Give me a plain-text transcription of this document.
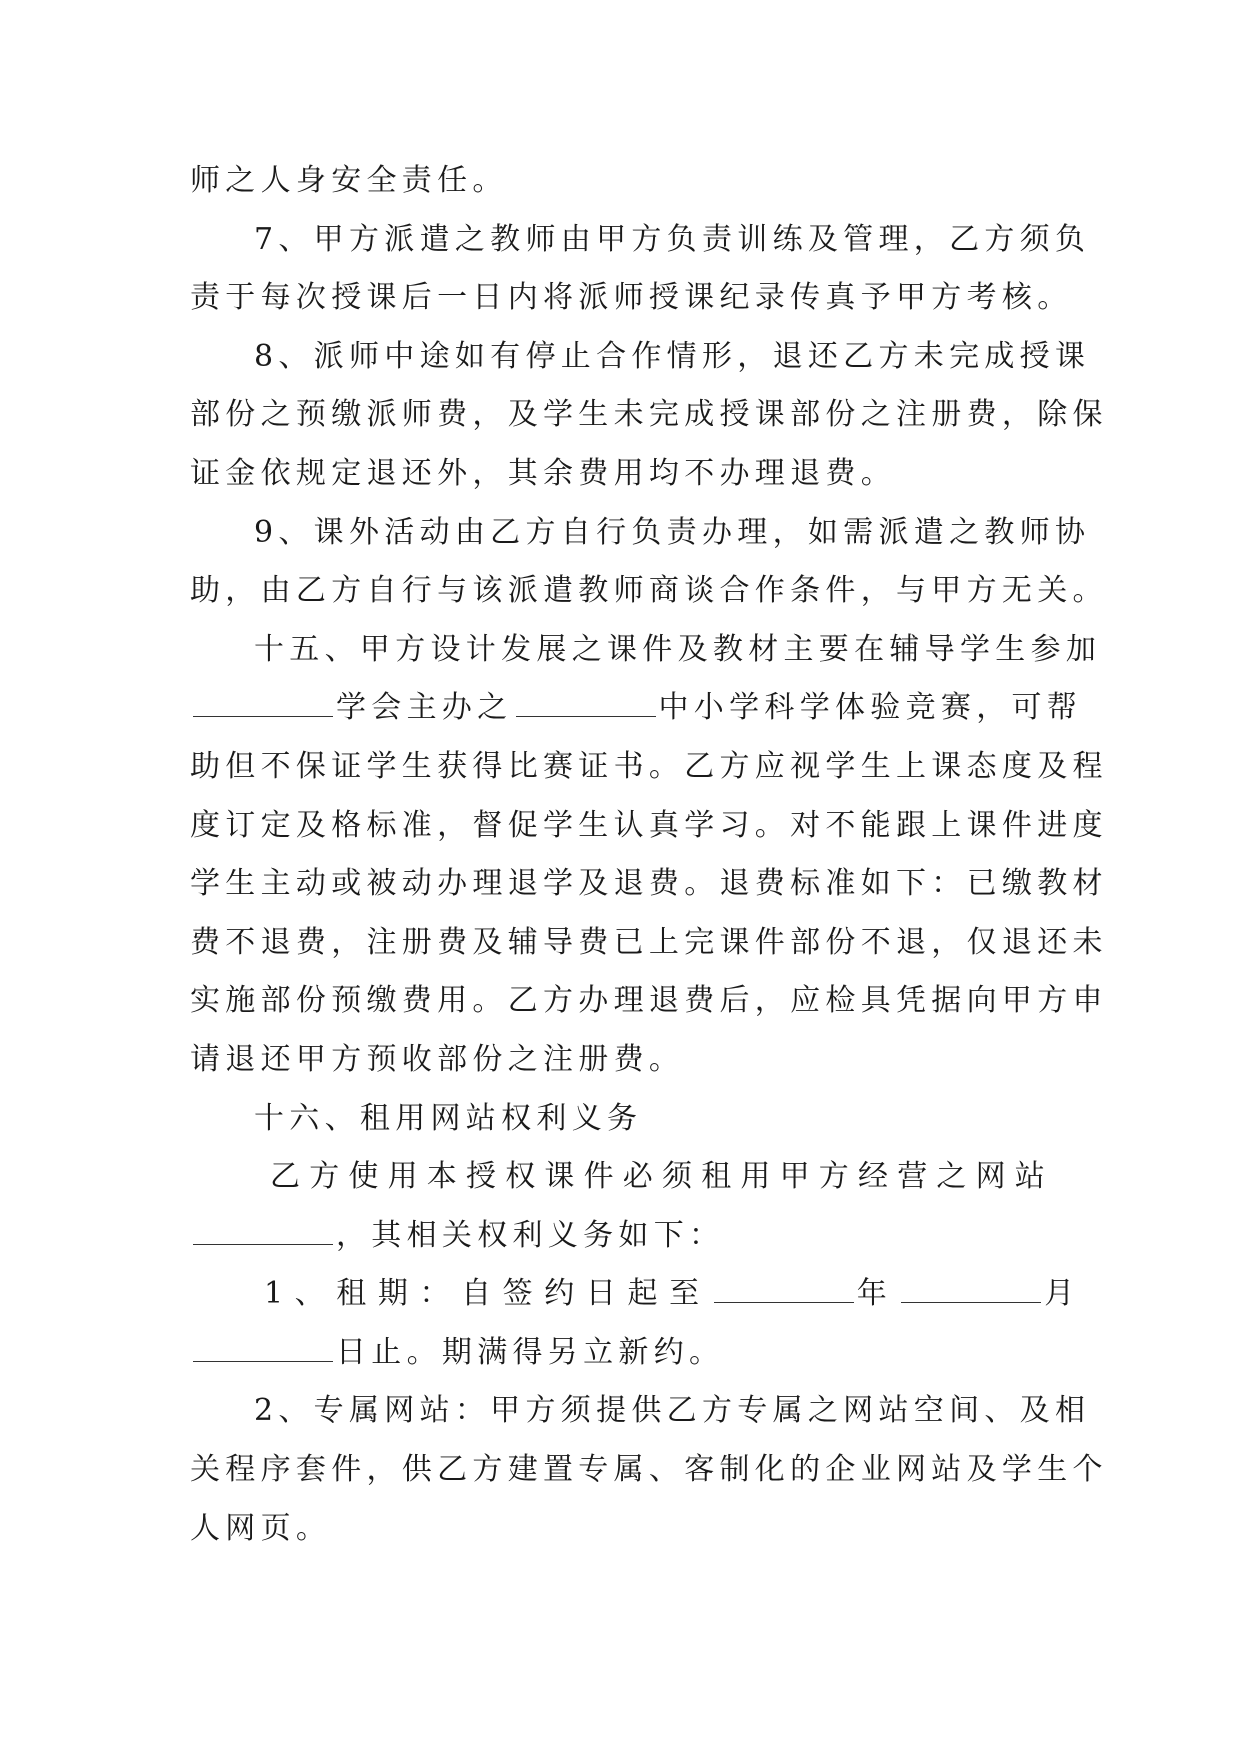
师之人身安全责任。
7、甲方派遣之教师由甲方负责训练及管理，乙方须负
责于每次授课后一日内将派师授课纪录传真予甲方考核。
8、派师中途如有停止合作情形，退还乙方未完成授课
部份之预缴派师费，及学生未完成授课部份之注册费，除保
证金依规定退还外，其余费用均不办理退费。
9、课外活动由乙方自行负责办理，如需派遣之教师协
助，由乙方自行与该派遣教师商谈合作条件，与甲方无关。
十五、甲方设计发展之课件及教材主要在辅导学生参加
学会主办之	中小学科学体验竞赛，可帮
助但不保证学生获得比赛证书。乙方应视学生上课态度及程
度订定及格标准，督促学生认真学习。对不能跟上课件进度
学生主动或被动办理退学及退费。退费标准如下：已缴教材
费不退费，注册费及辅导费已上完课件部份不退，仅退还未
实施部份预缴费用。乙方办理退费后，应检具凭据向甲方申
请退还甲方预收部份之注册费。
十六、租用网站权利义务
乙方使用本授权课件必须租用甲方经营之网站
，其相关权利义务如下：
1、租期：自签约日起至	年	月
日止。期满得另立新约。
2、专属网站：甲方须提供乙方专属之网站空间、及相
关程序套件，供乙方建置专属、客制化的企业网站及学生个
人网页。
